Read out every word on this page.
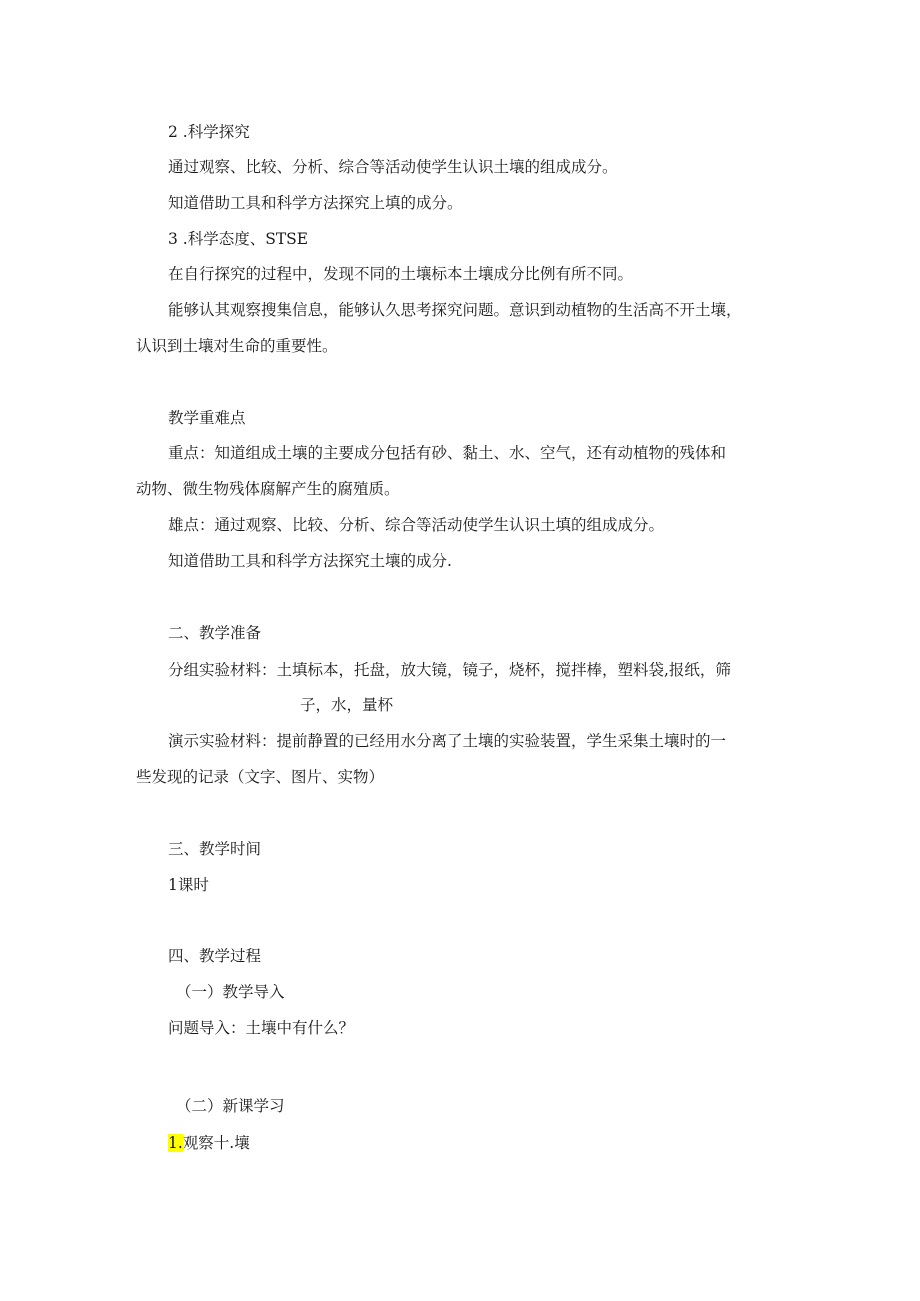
2 .科学探究

通过观察、比较、分析、综合等活动使学生认识土壤的组成成分。

知道借助工具和科学方法探究上填的成分。

3 .科学态度、STSE

在自行探究的过程中，发现不同的土壤标本土壤成分比例有所不同。

能够认其观察搜集信息，能够认久思考探究问题。意识到动植物的生活高不开土壤，

认识到土壤对生命的重要性。

教学重难点

重点：知道组成土壤的主要成分包括有砂、黏土、水、空气，还有动植物的残体和

动物、微生物残体腐解产生的腐殖质。

雄点：通过观察、比较、分析、综合等活动使学生认识土填的组成成分。

知道借助工具和科学方法探究土壤的成分.

二、教学准备

分组实验材料：土填标本，托盘，放大镜，镜子，烧杯，搅拌棒，塑料袋,报纸，筛

子，水，量杯

演示实验材料：提前静置的已经用水分离了土壤的实验装置，学生采集土壤时的一

些发现的记录（文字、图片、实物）

三、教学时间

1课时

四、教学过程

（一）教学导入

问题导入：土壤中有什么？

（二）新课学习

1.观察十.壤
